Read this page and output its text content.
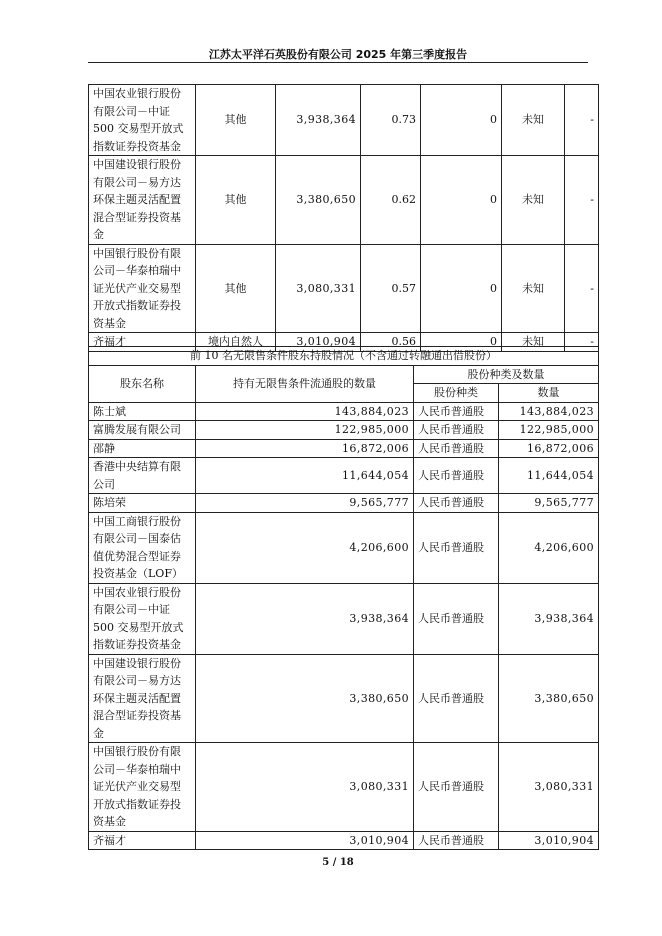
江苏太平洋石英股份有限公司 2025 年第三季度报告
中国农业银行股份
有限公司－中证
500 交易型开放式
指数证券投资基金	其他	3,938,364	0.73	0	未知	-

中国建设银行股份
有限公司－易方达
环保主题灵活配置
混合型证券投资基
金	其他	3,380,650	0.62	0	未知	-

中国银行股份有限
公司－华泰柏瑞中
证光伏产业交易型
开放式指数证券投
资基金	其他	3,080,331	0.57	0	未知	-

齐福才	境内自然人	3,010,904	0.56	0	未知	-
前 10 名无限售条件股东持股情况（不含通过转融通出借股份）			
股东名称	持有无限售条件流通股的数量	股份种类及数量	
		股份种类	数量

陈士斌	143,884,023	人民币普通股	143,884,023

富腾发展有限公司	122,985,000	人民币普通股	122,985,000

邵静	16,872,006	人民币普通股	16,872,006

香港中央结算有限
公司	11,644,054	人民币普通股	11,644,054

陈培荣	9,565,777	人民币普通股	9,565,777

中国工商银行股份
有限公司－国泰估
值优势混合型证券
投资基金（LOF）	4,206,600	人民币普通股	4,206,600

中国农业银行股份
有限公司－中证
500 交易型开放式
指数证券投资基金	3,938,364	人民币普通股	3,938,364

中国建设银行股份
有限公司－易方达
环保主题灵活配置
混合型证券投资基
金	3,380,650	人民币普通股	3,380,650

中国银行股份有限
公司－华泰柏瑞中
证光伏产业交易型
开放式指数证券投
资基金	3,080,331	人民币普通股	3,080,331

齐福才	3,010,904	人民币普通股	3,010,904
5 / 18
